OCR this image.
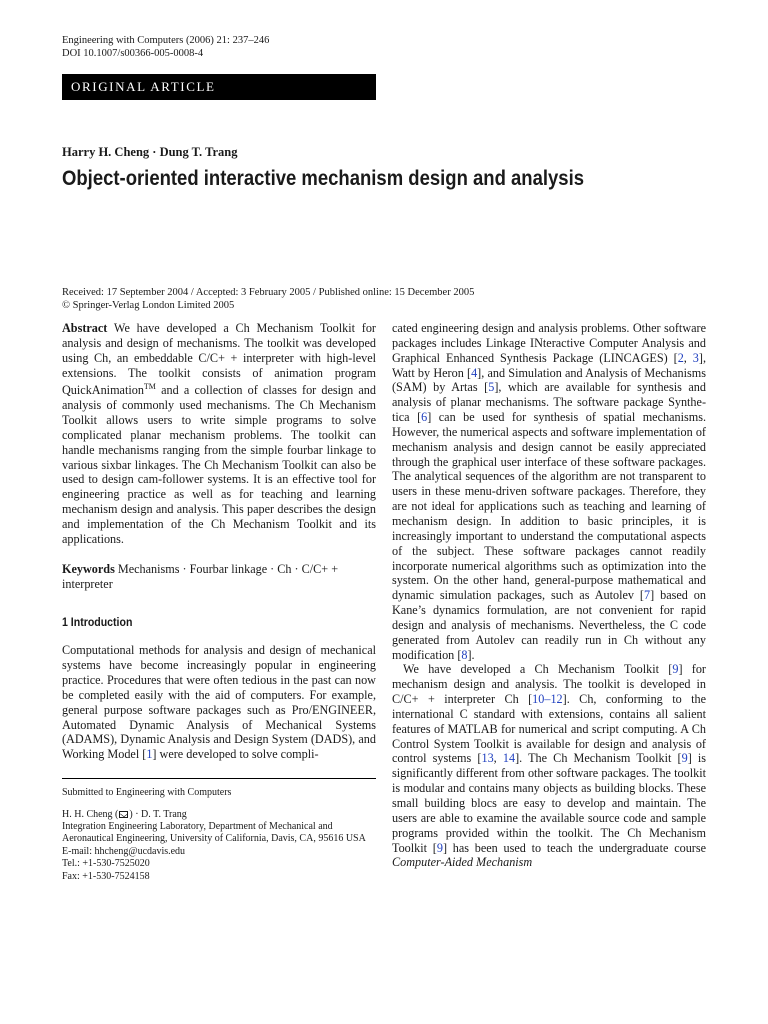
Engineering with Computers (2006) 21: 237–246
DOI 10.1007/s00366-005-0008-4
ORIGINAL ARTICLE
Harry H. Cheng · Dung T. Trang
Object-oriented interactive mechanism design and analysis
Received: 17 September 2004 / Accepted: 3 February 2005 / Published online: 15 December 2005
© Springer-Verlag London Limited 2005

Abstract We have developed a Ch Mechanism Toolkit for analysis and design of mechanisms. The toolkit was developed using Ch, an embeddable C/C+ + interpreter with high-level extensions. The toolkit consists of animation program QuickAnimation™ and a collection of classes for design and analysis of commonly used mechanisms. The Ch Mechanism Toolkit allows users to write simple programs to solve complicated planar mechanism problems. The toolkit can handle mechanisms ranging from the simple fourbar linkage to various sixbar linkages. The Ch Mechanism Toolkit can also be used to design cam-follower systems. It is an effective tool for engineering practice as well as for teaching and learning mechanism design and analysis. This paper describes the design and implementation of the Ch Mechanism Toolkit and its applications.

Keywords Mechanisms · Fourbar linkage · Ch · C/C+ + interpreter

1 Introduction

Computational methods for analysis and design of mechanical systems have become increasingly popular in engineering practice. Procedures that were often tedious in the past can now be completed easily with the aid of computers. For example, general purpose software packages such as Pro/ENGINEER, Automated Dynamic Analysis of Mechanical Systems (ADAMS), Dynamic Analysis and Design System (DADS), and Working Model [1] were developed to solve compli-

Submitted to Engineering with Computers

H. H. Cheng ( ) · D. T. Trang

Integration Engineering Laboratory, Department of Mechanical and Aeronautical Engineering, University of California, Davis, CA, 95616 USA

E-mail: hhcheng@ucdavis.edu

Tel.: +1-530-7525020

Fax: +1-530-7524158

cated engineering design and analysis problems. Other software packages includes Linkage INteractive Computer Analysis and Graphical Enhanced Synthesis Package (LINCAGES) [2, 3], Watt by Heron [4], and Simulation and Analysis of Mechanisms (SAM) by Artas [5], which are available for synthesis and analysis of planar mechanisms. The software package Synthetica [6] can be used for synthesis of spatial mechanisms. However, the numerical aspects and software implementation of mechanism analysis and design cannot be easily appreciated through the graphical user interface of these software packages. The analytical sequences of the algorithm are not transparent to users in these menu-driven software packages. Therefore, they are not ideal for applications such as teaching and learning of mechanism design. In addition to basic principles, it is increasingly important to understand the computational aspects of the subject. These software packages cannot readily incorporate numerical algorithms such as optimization into the system. On the other hand, general-purpose mathematical and dynamic simulation packages, such as Autolev [7] based on Kane’s dynamics formulation, are not convenient for rapid design and analysis of mechanisms. Nevertheless, the C code generated from Autolev can readily run in Ch without any modification [8].

We have developed a Ch Mechanism Toolkit [9] for mechanism design and analysis. The toolkit is developed in C/C+ + interpreter Ch [10–12]. Ch, conforming to the international C standard with extensions, contains all salient features of MATLAB for numerical and script computing. A Ch Control System Toolkit is available for design and analysis of control systems [13, 14]. The Ch Mechanism Toolkit [9] is significantly different from other software packages. The toolkit is modular and contains many objects as building blocks. These small building blocs are easy to develop and maintain. The users are able to examine the available source code and sample programs provided within the toolkit. The Ch Mechanism Toolkit [9] has been used to teach the undergraduate course Computer-Aided Mechanism
